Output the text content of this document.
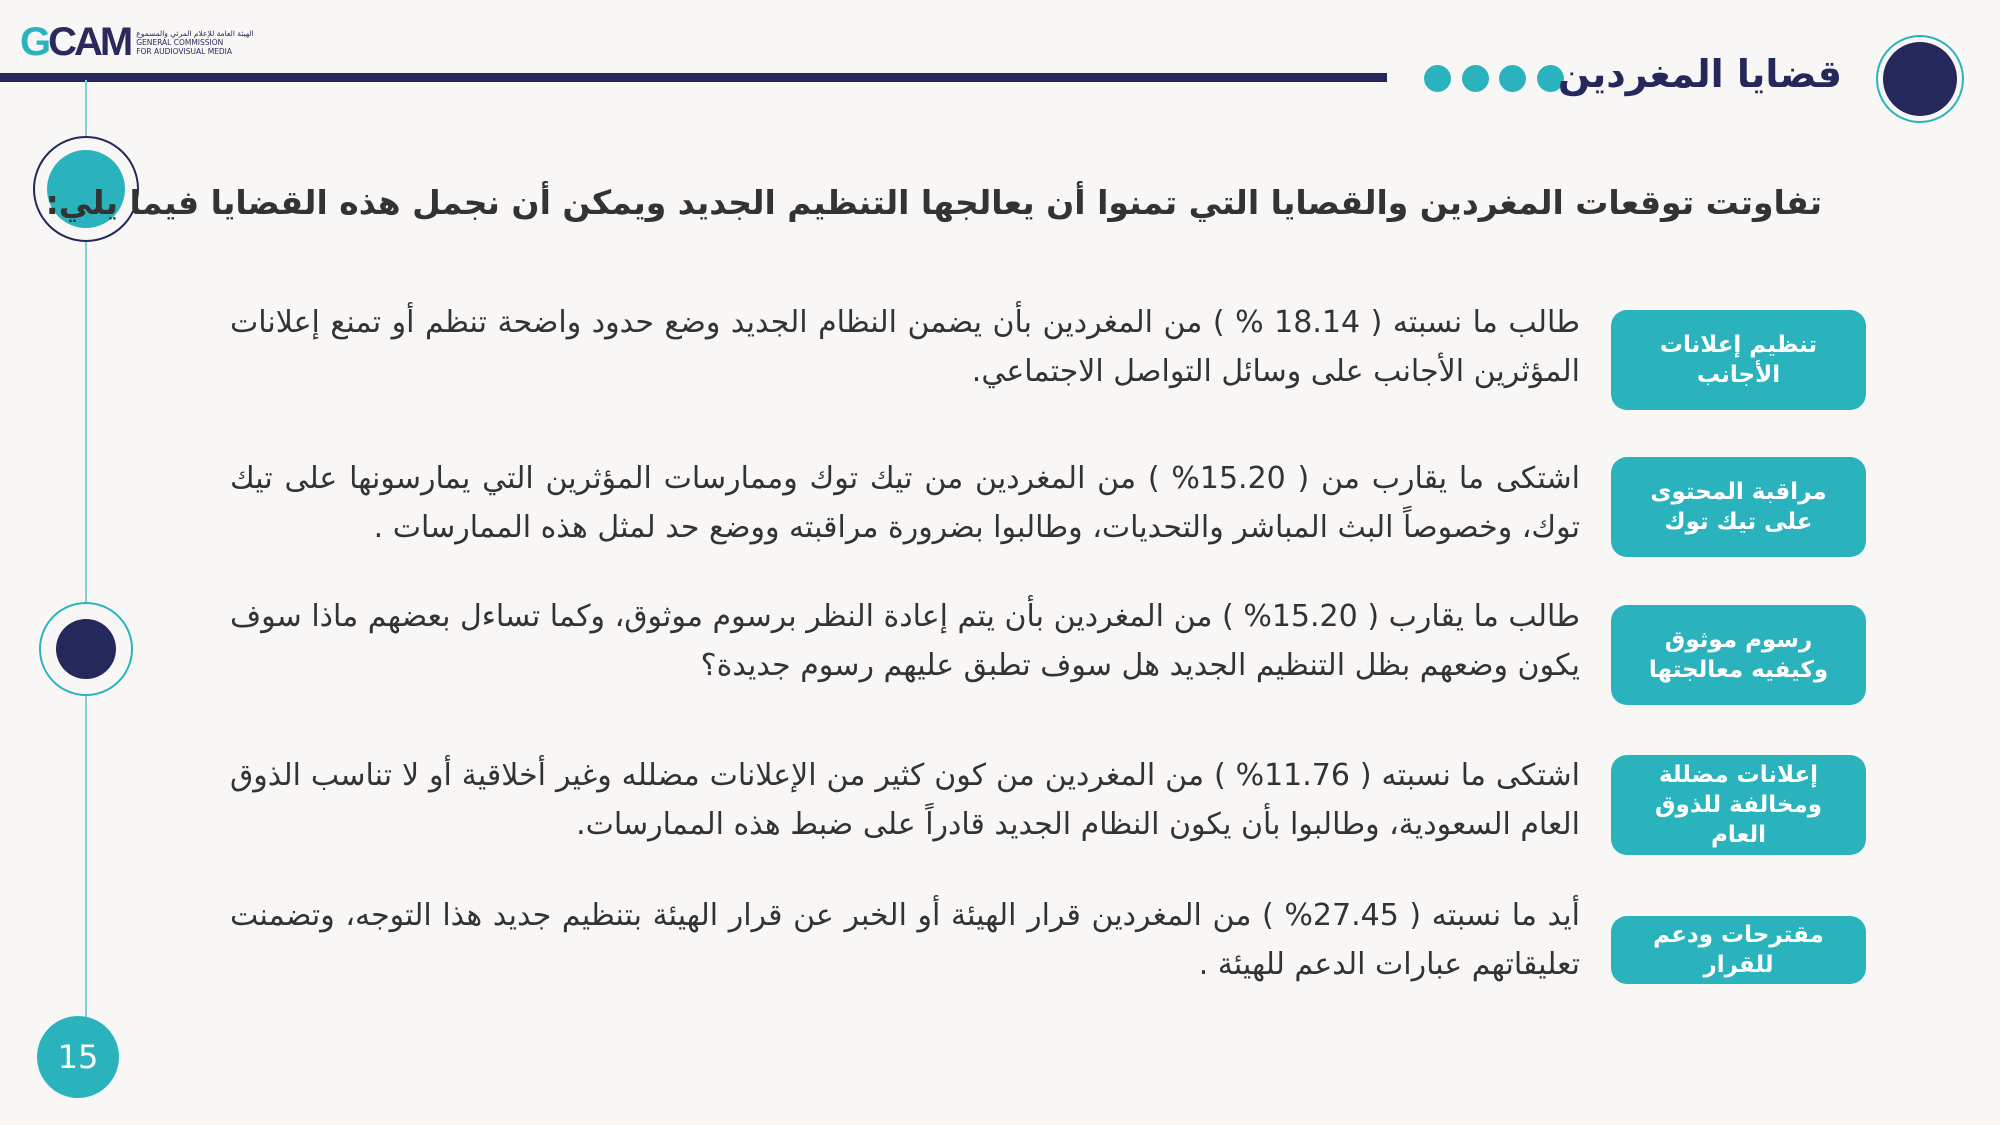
GCAM الهيئة العامة للإعلام المرئي والمسموع
GENERAL COMMISSION
FOR AUDIOVISUAL MEDIA
قضايا المغردين
15
تفاوتت توقعات المغردين والقصايا التي تمنوا أن يعالجها التنظيم الجديد ويمكن أن نجمل هذه القضايا فيما يلي:
تنظيم إعلانات الأجانب
طالب ما نسبته ( 18.14 % ) من المغردين بأن يضمن النظام الجديد وضع حدود واضحة تنظم أو تمنع إعلانات المؤثرين الأجانب على وسائل التواصل الاجتماعي.
مراقبة المحتوى على تيك توك
اشتكى ما يقارب من ( 15.20% ) من المغردين من تيك توك وممارسات المؤثرين التي يمارسونها على تيك توك، وخصوصاً البث المباشر والتحديات، وطالبوا بضرورة مراقبته ووضع حد لمثل هذه الممارسات .
رسوم موثوق وكيفيه معالجتها
طالب ما يقارب ( 15.20% ) من المغردين بأن يتم إعادة النظر برسوم موثوق، وكما تساءل بعضهم ماذا سوف يكون وضعهم بظل التنظيم الجديد هل سوف تطبق عليهم رسوم جديدة؟
إعلانات مضللة ومخالفة للذوق العام
اشتكى ما نسبته ( 11.76% ) من المغردين من كون كثير من الإعلانات مضلله وغير أخلاقية أو لا تناسب الذوق العام السعودية، وطالبوا بأن يكون النظام الجديد قادراً على ضبط هذه الممارسات.
مقترحات ودعم للقرار
أيد ما نسبته ( 27.45% ) من المغردين قرار الهيئة أو الخبر عن قرار الهيئة بتنظيم جديد هذا التوجه، وتضمنت تعليقاتهم عبارات الدعم للهيئة .
